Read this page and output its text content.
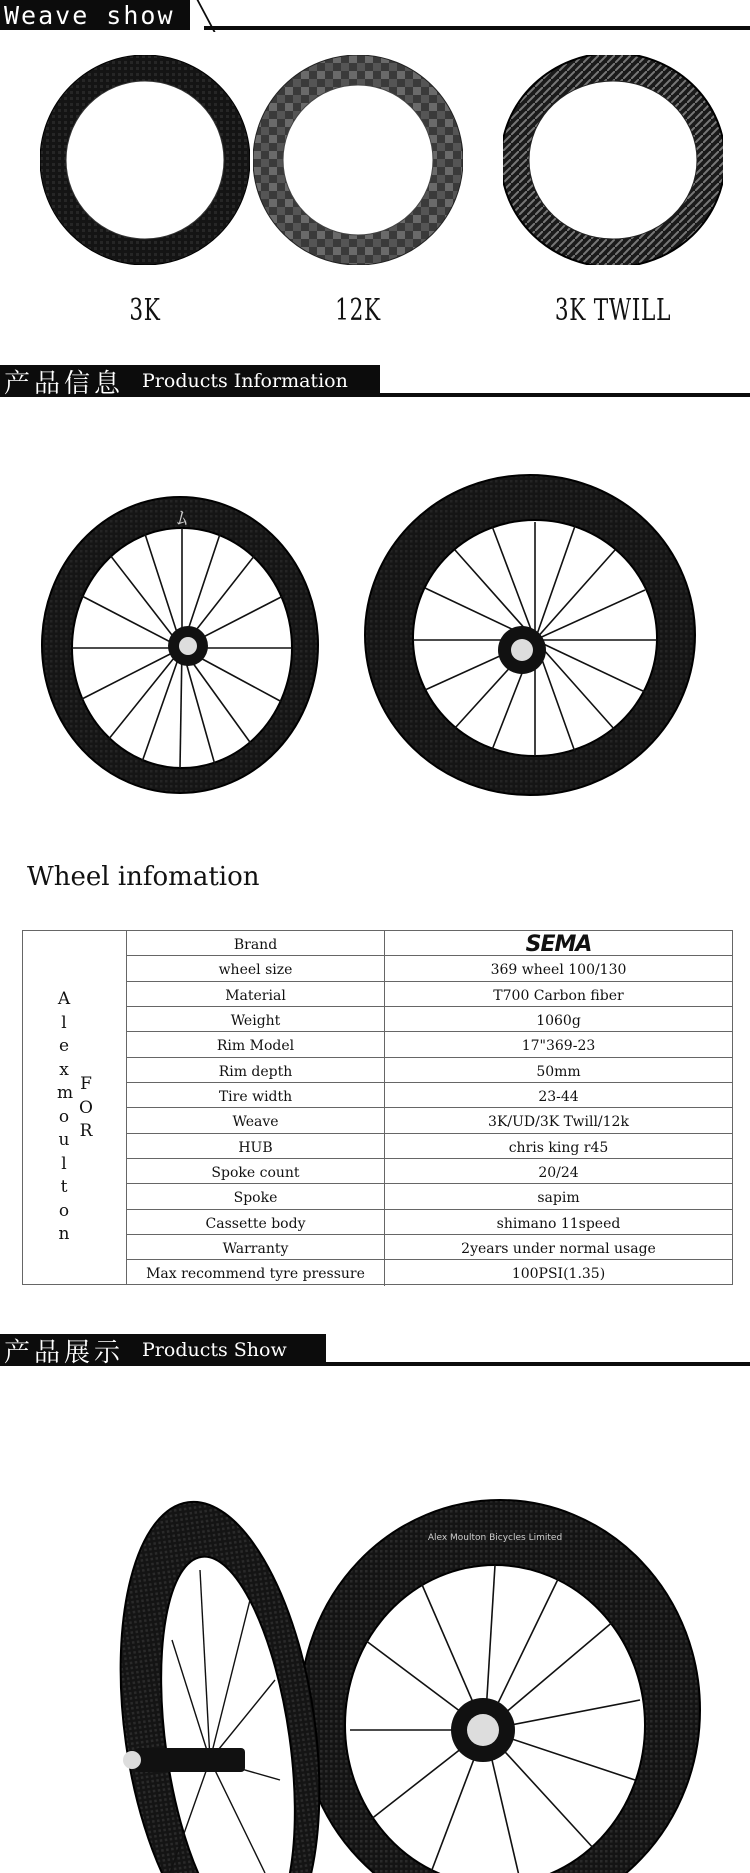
Weave show
3K	12K	3K TWILL
产品信息 Products Information
ﾑ
Wheel infomation
A
l
e
x
m
o
u
l
t
o
n
F
O
R
Brand	SEMA
wheel size	369 wheel 100/130
Material	T700 Carbon fiber
Weight	1060g
Rim Model	17"369-23
Rim depth	50mm
Tire width	23-44
Weave	3K/UD/3K Twill/12k
HUB	chris king r45
Spoke count	20/24
Spoke	sapim
Cassette body	shimano 11speed
Warranty	2years under normal usage
Max recommend tyre pressure	100PSI(1.35)
产品展示 Products Show
Alex Moulton Bicycles Limited
